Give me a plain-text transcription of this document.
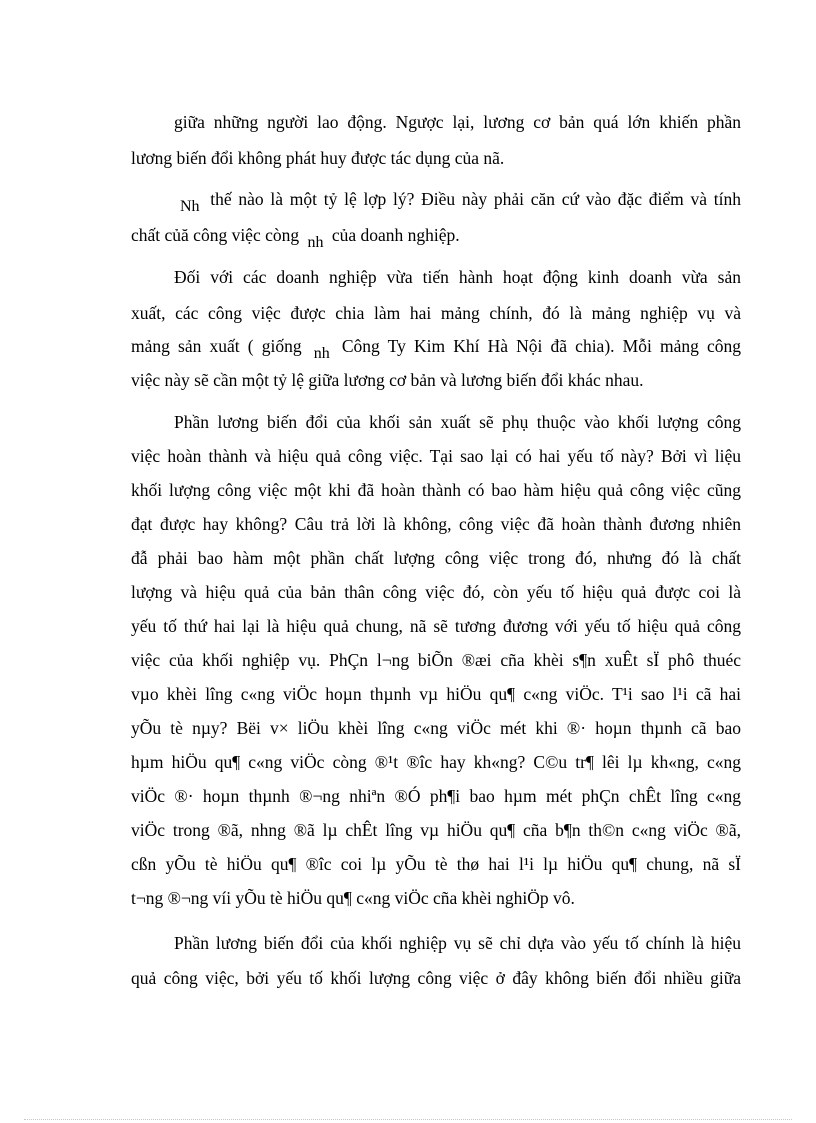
giữa những người lao động. Ngược lại, lương cơ bản quá lớn khiến phần
lương biến đổi không phát huy được tác dụng của nã.
Nh thế nào là một tỷ lệ lợp lý? Điều này phải căn cứ vào đặc điểm và tính
chất củă công việc còng nh của doanh nghiệp.
Đối với các doanh nghiệp vừa tiến hành hoạt động kinh doanh vừa sản
xuất, các công việc được chia làm hai mảng chính, đó là mảng nghiệp vụ và
mảng sản xuất ( giống nh Công Ty Kim Khí Hà Nội đã chia). Mỗi mảng công
việc này sẽ cần một tỷ lệ giữa lương cơ bản và lương biến đổi khác nhau.
Phần lương biến đổi của khối sản xuất sẽ phụ thuộc vào khối lượng công
việc hoàn thành và hiệu quả công việc. Tại sao lại có hai yếu tố này? Bởi vì liệu
khối lượng công việc một khi đã hoàn thành có bao hàm hiệu quả công việc cũng
đạt được hay không? Câu trả lời là không, công việc đã hoàn thành đương nhiên
đẫ phải bao hàm một phần chất lượng công việc trong đó, nhưng đó là chất
lượng và hiệu quả của bản thân công việc đó, còn yếu tố hiệu quả được coi là
yếu tố thứ hai lại là hiệu quả chung, nã sẽ tương đương với yếu tố hiệu quả công
việc của khối nghiệp vụ. PhÇn l¬ng biÕn ®æi cña khèi s¶n xuÊt sÏ phô thuéc
vµo khèi lîng c«ng viÖc hoµn thµnh vµ hiÖu qu¶ c«ng viÖc. T¹i sao l¹i cã hai
yÕu tè nµy? Bëi v× liÖu khèi lîng c«ng viÖc mét khi ®· hoµn thµnh cã bao
hµm hiÖu qu¶ c«ng viÖc còng ®¹t ®îc hay kh«ng? C©u tr¶ lêi lµ kh«ng, c«ng
viÖc ®· hoµn thµnh ®¬ng nhiªn ®Ó ph¶i bao hµm mét phÇn chÊt lîng c«ng
viÖc trong ®ã, nhng ®ã lµ chÊt lîng vµ hiÖu qu¶ cña b¶n th©n c«ng viÖc ®ã,
cßn yÕu tè hiÖu qu¶ ®îc coi lµ yÕu tè thø hai l¹i lµ hiÖu qu¶ chung, nã sÏ
t¬ng ®¬ng víi yÕu tè hiÖu qu¶ c«ng viÖc cña khèi nghiÖp vô.
Phần lương biến đổi của khối nghiệp vụ sẽ chỉ dựa vào yếu tố chính là hiệu
quả công việc, bởi yếu tố khối lượng công việc ở đây không biến đổi nhiều giữa
